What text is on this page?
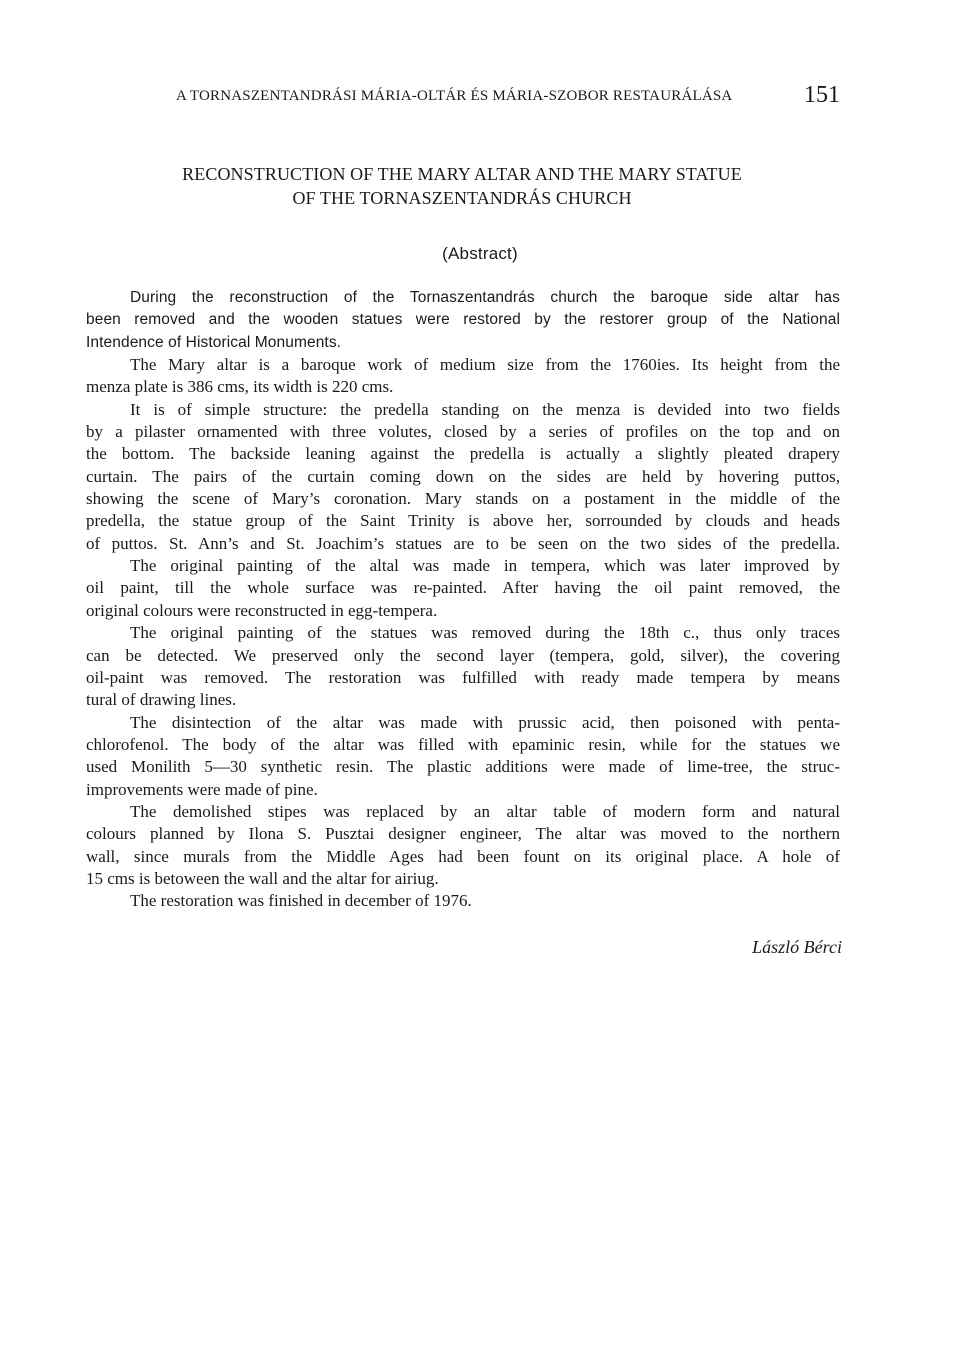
A TORNASZENTANDRÁSI MÁRIA-OLTÁR ÉS MÁRIA-SZOBOR RESTAURÁLÁSA	151
RECONSTRUCTION OF THE MARY ALTAR AND THE MARY STATUE
OF THE TORNASZENTANDRÁS CHURCH
(Abstract)
During the reconstruction of the Tornaszentandrás church the baroque side altar has
been removed and the wooden statues were restored by the restorer group of the National
Intendence of Historical Monuments.
The Mary altar is a baroque work of medium size from the 1760ies. Its height from the
menza plate is 386 cms, its width is 220 cms.
It is of simple structure: the predella standing on the menza is devided into two fields
by a pilaster ornamented with three volutes, closed by a series of profiles on the top and on
the bottom. The backside leaning against the predella is actually a slightly pleated drapery
curtain. The pairs of the curtain coming down on the sides are held by hovering puttos,
showing the scene of Mary’s coronation. Mary stands on a postament in the middle of the
predella, the statue group of the Saint Trinity is above her, sorrounded by clouds and heads
of puttos. St. Ann’s and St. Joachim’s statues are to be seen on the two sides of the predella.
The original painting of the altal was made in tempera, which was later improved by
oil paint, till the whole surface was re-painted. After having the oil paint removed, the
original colours were reconstructed in egg-tempera.
The original painting of the statues was removed during the 18th c., thus only traces
can be detected. We preserved only the second layer (tempera, gold, silver), the covering
oil-paint was removed. The restoration was fulfilled with ready made tempera by means
tural of drawing lines.
The disintection of the altar was made with prussic acid, then poisoned with penta-
chlorofenol. The body of the altar was filled with epaminic resin, while for the statues we
used Monilith 5—30 synthetic resin. The plastic additions were made of lime-tree, the struc-
improvements were made of pine.
The demolished stipes was replaced by an altar table of modern form and natural
colours planned by Ilona S. Pusztai designer engineer, The altar was moved to the northern
wall, since murals from the Middle Ages had been fount on its original place. A hole of
15 cms is betoween the wall and the altar for airiug.
The restoration was finished in december of 1976.
László Bérci
